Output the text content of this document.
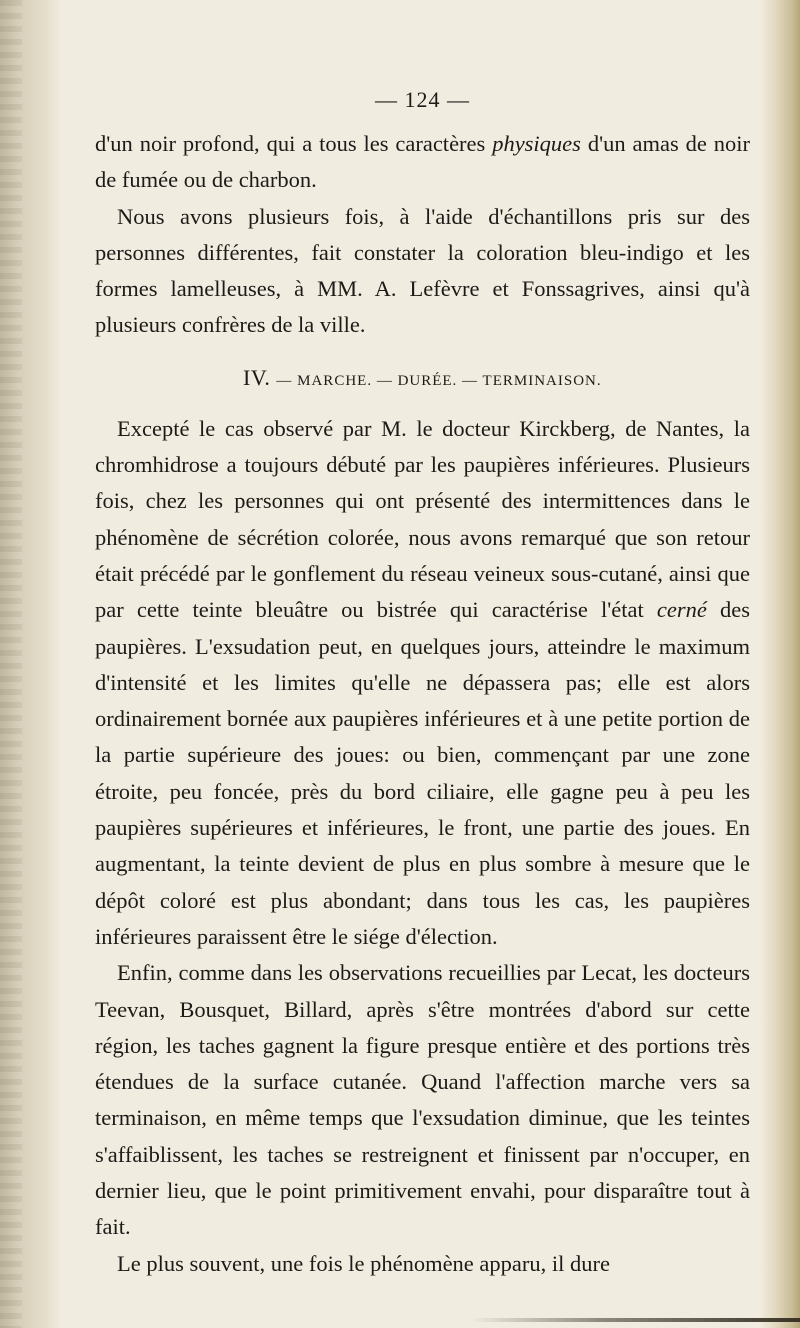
— 124 —

d'un noir profond, qui a tous les caractères physiques d'un amas de noir de fumée ou de charbon.

Nous avons plusieurs fois, à l'aide d'échantillons pris sur des personnes différentes, fait constater la coloration bleu-indigo et les formes lamelleuses, à MM. A. Lefèvre et Fonssagrives, ainsi qu'à plusieurs confrères de la ville.

IV. — MARCHE. — DURÉE. — TERMINAISON.

Excepté le cas observé par M. le docteur Kirckberg, de Nantes, la chromhidrose a toujours débuté par les paupières inférieures. Plusieurs fois, chez les personnes qui ont présenté des intermittences dans le phénomène de sécrétion colorée, nous avons remarqué que son retour était précédé par le gonflement du réseau veineux sous-cutané, ainsi que par cette teinte bleuâtre ou bistrée qui caractérise l'état cerné des paupières. L'exsudation peut, en quelques jours, atteindre le maximum d'intensité et les limites qu'elle ne dépassera pas; elle est alors ordinairement bornée aux paupières inférieures et à une petite portion de la partie supérieure des joues: ou bien, commençant par une zone étroite, peu foncée, près du bord ciliaire, elle gagne peu à peu les paupières supérieures et inférieures, le front, une partie des joues. En augmentant, la teinte devient de plus en plus sombre à mesure que le dépôt coloré est plus abondant; dans tous les cas, les paupières inférieures paraissent être le siége d'élection.

Enfin, comme dans les observations recueillies par Lecat, les docteurs Teevan, Bousquet, Billard, après s'être montrées d'abord sur cette région, les taches gagnent la figure presque entière et des portions très étendues de la surface cutanée. Quand l'affection marche vers sa terminaison, en même temps que l'exsudation diminue, que les teintes s'affaiblissent, les taches se restreignent et finissent par n'occuper, en dernier lieu, que le point primitivement envahi, pour disparaître tout à fait.

Le plus souvent, une fois le phénomène apparu, il dure
